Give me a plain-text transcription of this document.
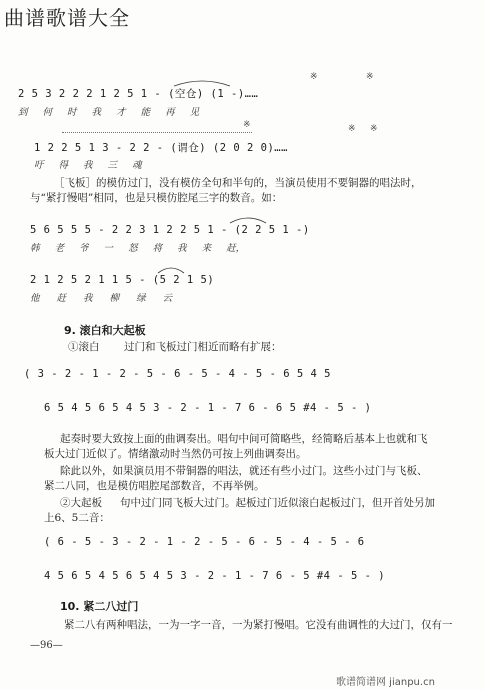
曲谱歌谱大全
※	※
2 5 3 2 2 2 1 2 5 1 - (空仓) (1 -)……
到 何 时 我 才 能 再 见
※	※ ※
1 2 2 5 1 3 - 2 2 - (谓仓) (2 0 2 0)……
吁 得 我 三 魂
［飞板］的模仿过门，没有模仿全句和半句的，当演员使用不要铜器的唱法时，与“紧打慢唱”相同，也是只模仿腔尾三字的数音。如：
5 6 5 5 5 - 2 2 3 1 2 2 5 1 - (2 2 5 1 -)
韩 老 爷 一 怒 将 我 来 赶，
2 1 2 5 2 1 1 5 - (5 2 1 5)
他 赶 我 柳 绿 云
9. 滚白和大起板
①滚白 过门和飞板过门相近而略有扩展：
( 3 - 2 - 1 - 2 - 5 - 6 - 5 - 4 - 5 - 6 5 4 5
6 5 4 5 6 5 4 5 3 - 2 - 1 - 7 6 - 6 5 #4 - 5 - )
起奏时要大致按上面的曲调奏出。唱句中间可简略些，经简略后基本上也就和飞板大过门近似了。情绪激动时当然仍可按上列曲调奏出。
除此以外，如果演员用不带铜器的唱法，就还有些小过门。这些小过门与飞板、紧二八同，也是模仿唱腔尾部数音，不再举例。
②大起板	句中过门同飞板大过门。起板过门近似滚白起板过门，但开首处另加上6、5二音：
( 6 - 5 - 3 - 2 - 1 - 2 - 5 - 6 - 5 - 4 - 5 - 6
4 5 6 5 4 5 6 5 4 5 3 - 2 - 1 - 7 6 - 5 #4 - 5 - )
10. 紧二八过门
紧二八有两种唱法，一为一字一音，一为紧打慢唱。它没有曲调性的大过门，仅有一
—96—
歌谱简谱网 jianpu.cn
